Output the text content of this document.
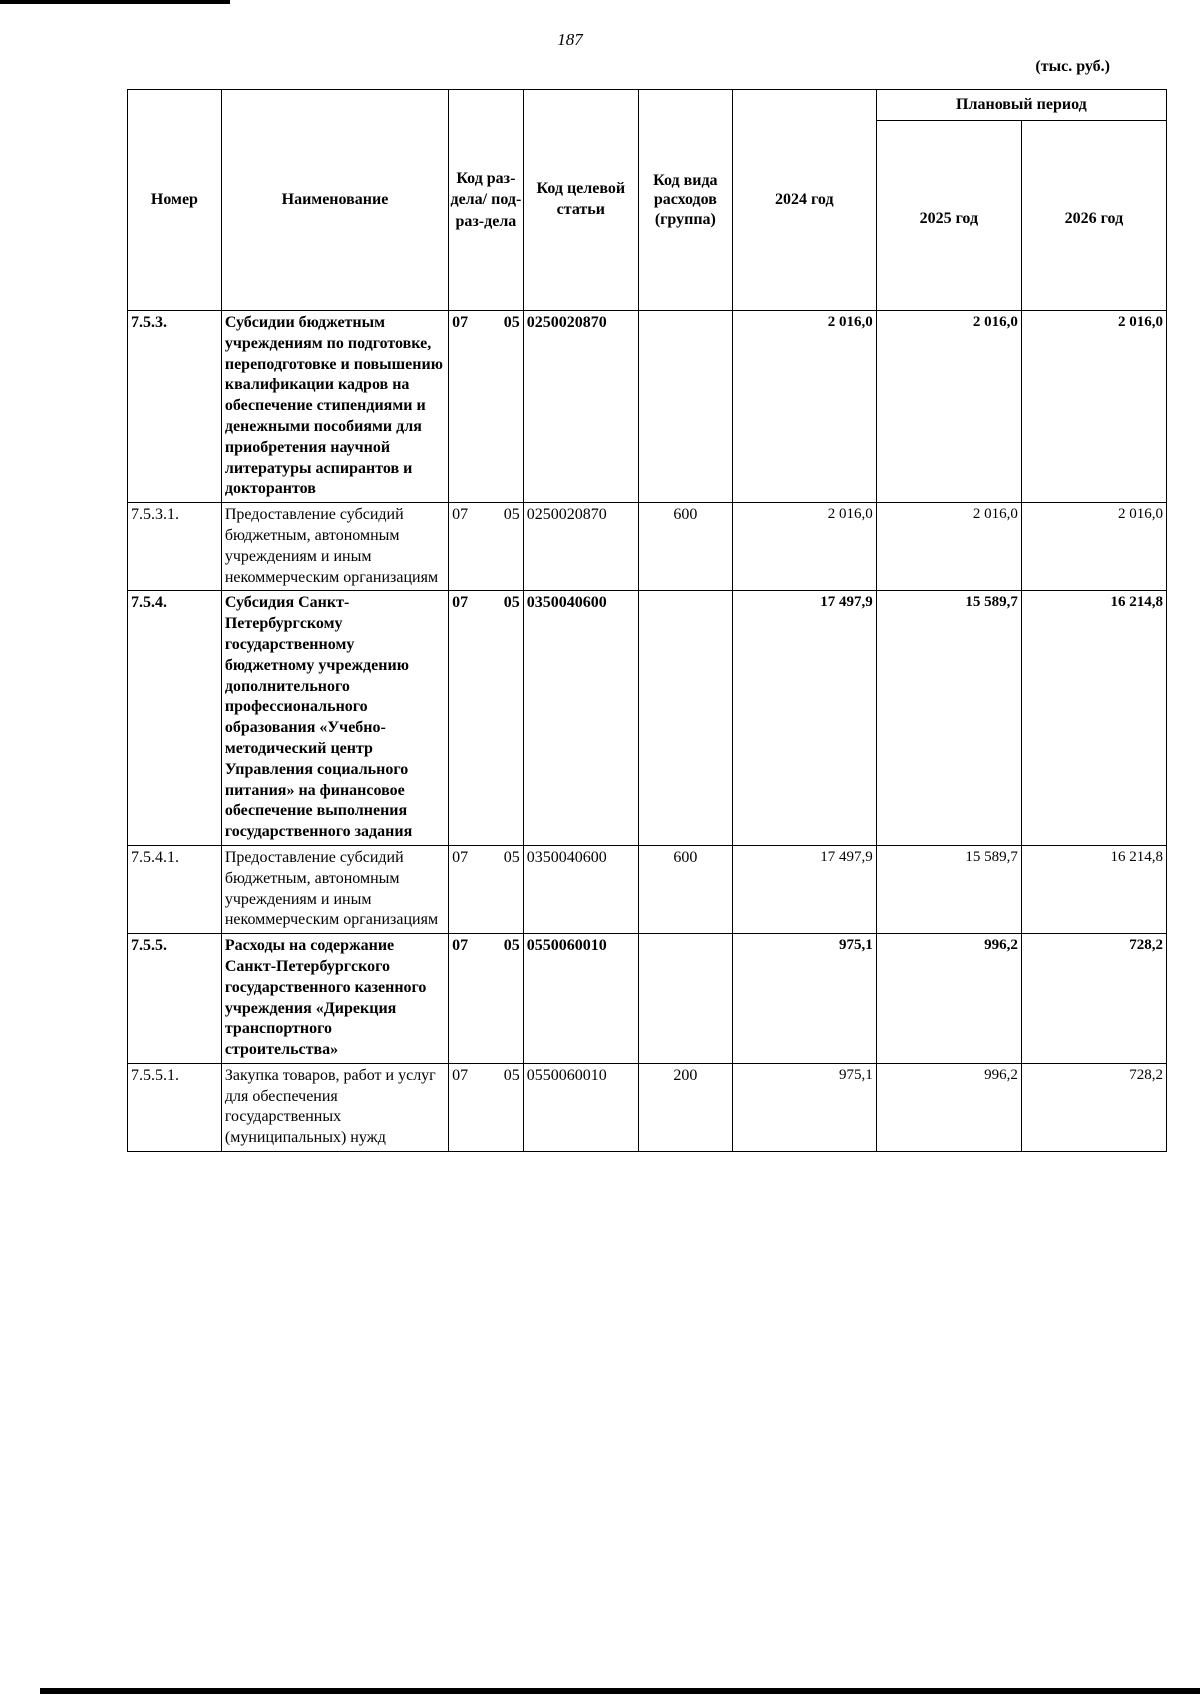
187
(тыс. руб.)
Номер	Наименование	Код раз-дела/ под-раз-дела	Код целевой статьи	Код вида расходов (группа)	2024 год	Плановый период	
						2025 год	2026 год
7.5.3.	Субсидии бюджетным учреждениям по подготовке, переподготовке и повышению квалификации кадров на обеспечение стипендиями и денежными пособиями для приобретения научной литературы аспирантов и докторантов	07 05	0250020870		2 016,0	2 016,0	2 016,0
7.5.3.1.	Предоставление субсидий бюджетным, автономным учреждениям и иным некоммерческим организациям	07 05	0250020870	600	2 016,0	2 016,0	2 016,0
7.5.4.	Субсидия Санкт-Петербургскому государственному бюджетному учреждению дополнительного профессионального образования «Учебно-методический центр Управления социального питания» на финансовое обеспечение выполнения государственного задания	07 05	0350040600		17 497,9	15 589,7	16 214,8
7.5.4.1.	Предоставление субсидий бюджетным, автономным учреждениям и иным некоммерческим организациям	07 05	0350040600	600	17 497,9	15 589,7	16 214,8
7.5.5.	Расходы на содержание Санкт-Петербургского государственного казенного учреждения «Дирекция транспортного строительства»	07 05	0550060010		975,1	996,2	728,2
7.5.5.1.	Закупка товаров, работ и услуг для обеспечения государственных (муниципальных) нужд	07 05	0550060010	200	975,1	996,2	728,2
